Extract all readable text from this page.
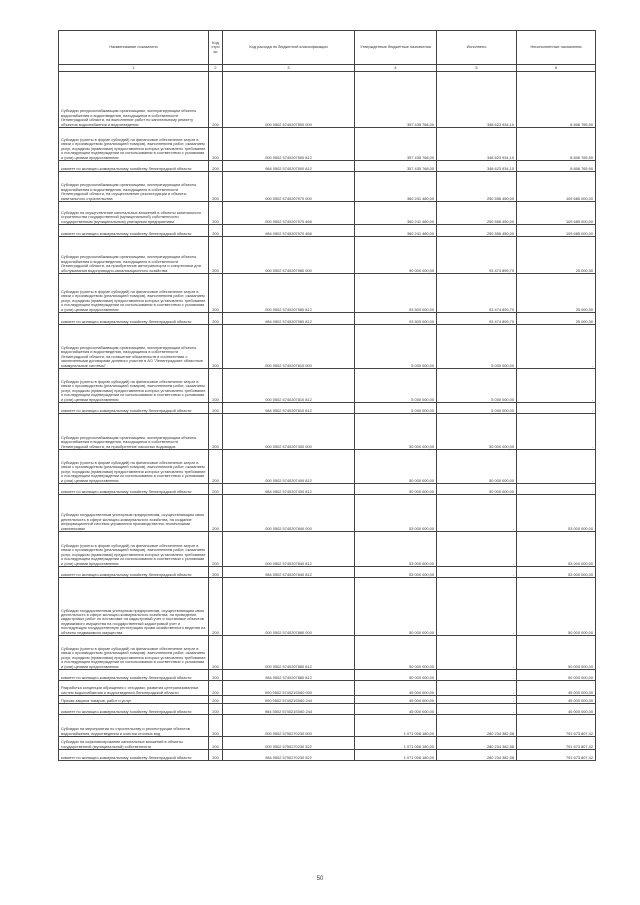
Наименование показателя	Код стро ки	Код расхода по бюджетной классификации	Утвержденные бюджетные назначения	Исполнено	Неисполненные назначения
1	2	3	4	5	6
Субсидии ресурсоснабжающим организациям, эксплуатирующим объекты водоснабжения и водоотведения, находящиеся в собственности Ленинградской области, на выполнение работ по капитальному ремонту объектов водоснабжения и водоотведения	200	000 0502 5740207500 000	357 435 768,00	348 623 934,10	8 806 765,90
Субсидии (гранты в форме субсидий) на финансовое обеспечение затрат в связи с производством (реализацией товаров), выполнением работ, оказанием услуг, порядком (правилами) предоставления которых установлено требование о последующем подтверждении их использования в соответствии с условиями и (или) целями предоставления	200	000 0502 5740207500 812	357 435 768,00	348 623 934,10	8 806 765,90
комитет по жилищно-коммунальному хозяйству Ленинградской области	200	984 0502 5740207500 812	357 435 768,00	348 623 934,10	8 806 765,90
Субсидии ресурсоснабжающим организациям, эксплуатирующим объекты водоснабжения и водоотведения, находящиеся в собственности Ленинградской области, на осуществление реконструкции и объекты капитального строительства	200	000 0502 5740207970 000	360 241 460,00	250 556 450,00	109 685 000,00
Субсидии на осуществление капитальных вложений в объекты капитального строительства государственной (муниципальной) собственности государственным (муниципальным) унитарным предприятиям	200	000 0502 5740207970 466	360 241 460,00	250 556 450,00	109 685 000,00
комитет по жилищно-коммунальному хозяйству Ленинградской области	200	984 0502 5740207970 466	360 241 460,00	250 556 450,00	109 685 000,00
Субсидии ресурсоснабжающим организациям, эксплуатирующим объекты водоснабжения и водоотведения, находящиеся в собственности Ленинградской области, на приобретение автотранспорта и спецтехники для обслуживания водопроводно-канализационного хозяйства	200	000 0502 5740207980 000	90 000 000,00	93 474 899,70	25 000,30
Субсидии (гранты в форме субсидий) на финансовое обеспечение затрат в связи с производством (реализацией товаров), выполнением работ, оказанием услуг, порядком (правилами) предоставления которых установлено требование о последующем подтверждении их использования в соответствии с условиями и (или) целями предоставления	200	000 0502 5740207980 812	93 500 000,00	93 474 899,70	25 000,30
комитет по жилищно-коммунальному хозяйству Ленинградской области	200	984 0502 5740207980 812	93 500 000,00	93 474 899,70	25 000,30
Субсидии ресурсоснабжающим организациям, эксплуатирующим объекты водоснабжения и водоотведения, находящиеся в собственности Ленинградской области, на погашение обязательств в соответствии с заключенными договорами долевого участия в АО "Ленинградские областные коммунальные системы"	200	000 0502 5740207810 000	5 000 000,00	5 000 000,00	-
Субсидии (гранты в форме субсидий) на финансовое обеспечение затрат в связи с производством (реализацией товаров), выполнением работ, оказанием услуг, порядком (правилами) предоставления которых установлено требование о последующем подтверждении их использования в соответствии с условиями и (или) целями предоставления	200	000 0502 5740207810 812	5 000 000,00	5 000 000,00	-
комитет по жилищно-коммунальному хозяйству Ленинградской области	200	984 0502 5740207810 812	5 000 000,00	5 000 000,00	-
Субсидии ресурсоснабжающим организациям, эксплуатирующим объекты водоснабжения и водоотведения, находящиеся в собственности Ленинградской области, на приобретение насосных водоводов	200	000 0502 5740207400 000	50 000 000,00	50 000 000,00	-
Субсидии (гранты в форме субсидий) на финансовое обеспечение затрат в связи с производством (реализацией товаров), выполнением работ, оказанием услуг, порядком (правилами) предоставления которых установлено требование о последующем подтверждении их использования в соответствии с условиями и (или) целями предоставления	200	000 0502 5740207400 812	50 000 000,00	50 000 000,00	-
комитет по жилищно-коммунальному хозяйству Ленинградской области	200	984 0502 5740207400 812	50 000 000,00	50 000 000,00	-
Субсидии государственным унитарным предприятиям, осуществляющим свою деятельность в сфере жилищно-коммунального хозяйства, на создание информационной системы управления производственно-техническими комплексами	200	000 0502 5740207840 000	53 000 000,00	-	53 000 000,00
Субсидии (гранты в форме субсидий) на финансовое обеспечение затрат в связи с производством (реализацией товаров), выполнением работ, оказанием услуг, порядком (правилами) предоставления которых установлено требование о последующем подтверждении их использования в соответствии с условиями и (или) целями предоставления	200	000 0502 5740207840 812	53 000 000,00	-	53 000 000,00
комитет по жилищно-коммунальному хозяйству Ленинградской области	200	984 0502 5740207840 812	53 000 000,00	-	53 000 000,00
Субсидии государственным унитарным предприятиям, осуществляющим свою деятельность в сфере жилищно-коммунального хозяйства, на проведение кадастровых работ по постановке на кадастровый учет и постановке объектов недвижимого имущества на государственный кадастровый учет и последующую государственную регистрацию права хозяйственного ведения на объекты недвижимого имущества	200	000 0502 5740207880 000	50 000 000,00	-	50 000 000,00
Субсидии (гранты в форме субсидий) на финансовое обеспечение затрат в связи с производством (реализацией товаров), выполнением работ, оказанием услуг, порядком (правилами) предоставления которых установлено требование о последующем подтверждении их использования в соответствии с условиями и (или) целями предоставления	200	000 0502 5740207880 812	50 000 000,00	-	50 000 000,00
комитет по жилищно-коммунальному хозяйству Ленинградской области	200	984 0502 5740207880 812	50 000 000,00	-	50 000 000,00
Разработка концепции обращения с отходами, развития централизованных систем водоснабжения и водоотведения Ленинградской области	200	000 0502 574021S060 000	45 000 000,00	-	45 000 000,00
Прочая закупка товаров, работ и услуг	200	000 0502 574021S060 244	45 000 000,00	-	45 000 000,00
комитет по жилищно-коммунальному хозяйству Ленинградской области	200	984 0502 574021S060 244	45 000 000,00	-	45 000 000,00
Субсидии на мероприятия по строительству и реконструкции объектов водоснабжения, водоотведения и очистки сточных вод	200	000 0502 5750270230 000	1 071 008 180,00	280 234 382,58	791 673 807,42
Субсидии на софинансирование капитальных вложений в объекты государственной (муниципальной) собственности	200	000 0502 5750270230 522	1 071 008 180,00	280 234 382,58	791 673 807,42
комитет по жилищно-коммунальному хозяйству Ленинградской области	200	984 0502 5750270230 522	1 071 008 180,00	280 234 382,58	791 673 807,42
50
